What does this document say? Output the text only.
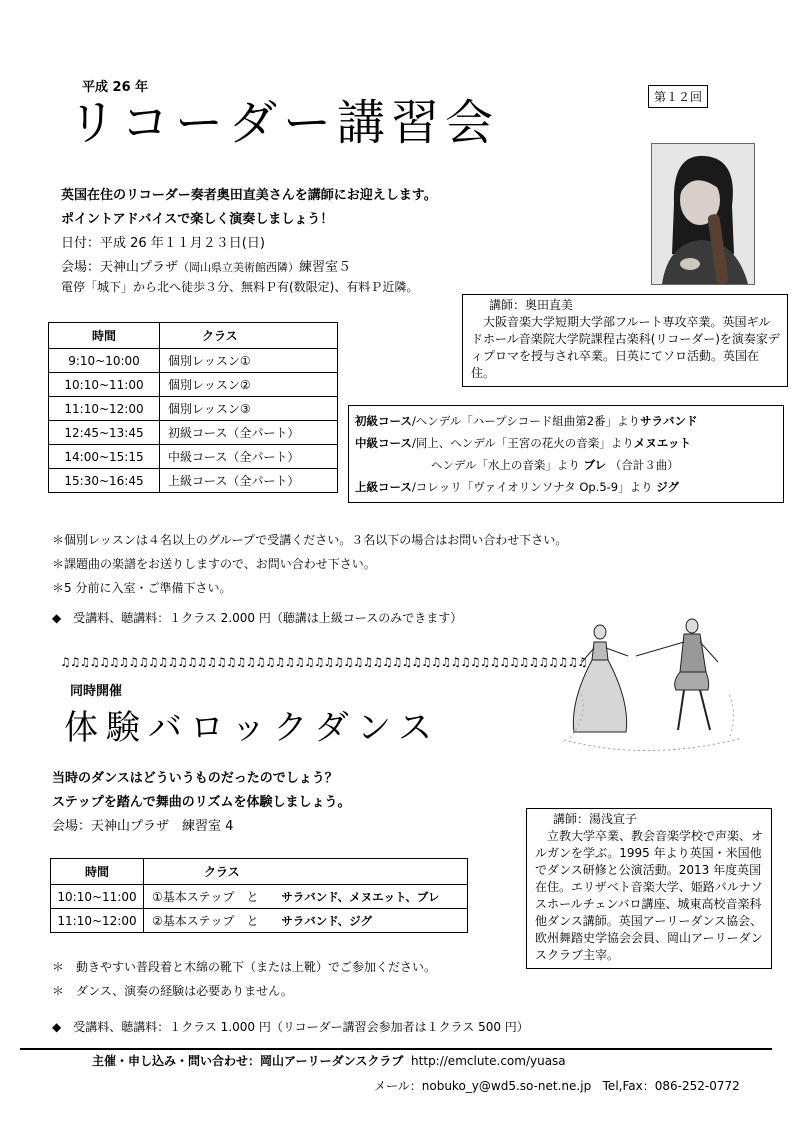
平成 26 年
リコーダー講習会	第１２回
英国在住のリコーダー奏者奥田直美さんを講師にお迎えします。
ポイントアドバイスで楽しく演奏しましょう！
日付：平成 26 年１１月２３日(日)
会場：天神山プラザ（岡山県立美術館西隣）練習室５
電停「城下」から北へ徒歩３分、無料Ｐ有(数限定)、有料Ｐ近隣。
講師：奥田直美
大阪音楽大学短期大学部フルート専攻卒業。英国ギルドホール音楽院大学院課程古楽科(リコーダー)を演奏家ディプロマを授与され卒業。日英にてソロ活動。英国在住。
時間	クラス
9:10~10:00	個別レッスン①
10:10~11:00	個別レッスン②
11:10~12:00	個別レッスン③
12:45~13:45	初級コース（全パート）
14:00~15:15	中級コース（全パート）
15:30~16:45	上級コース（全パート）
初級コース/ヘンデル「ハープシコード組曲第2番」よりサラバンド
中級コース/同上、ヘンデル「王宮の花火の音楽」よりメヌエット
ヘンデル「水上の音楽」より ブレ （合計３曲）
上級コース/コレッリ「ヴァイオリンソナタ Op.5-9」より ジグ
＊個別レッスンは４名以上のグループで受講ください。３名以下の場合はお問い合わせ下さい。
＊課題曲の楽譜をお送りしますので、お問い合わせ下さい。
＊5 分前に入室・ご準備下さい。
◆　受講料、聴講料：１クラス 2.000 円（聴講は上級コースのみできます）
♫♫♫♫♫♫♫♫♫♫♫♫♫♫♫♫♫♫♫♫♫♫♫♫♫♫♫♫♫♫♫♫♫♫♫♫♫♫♫♫♫♫♫♫♫♫♫♫♫♫♫♫♫♫
同時開催
体験バロックダンス
当時のダンスはどういうものだったのでしょう？
ステップを踏んで舞曲のリズムを体験しましょう。
会場：天神山プラザ　練習室 4	講師：湯浅宣子
立教大学卒業、教会音楽学校で声楽、オルガンを学ぶ。1995 年より英国・米国他でダンス研修と公演活動。2013 年度英国在住。エリザベト音楽大学、姫路パルナソスホールチェンバロ講座、城東高校音楽科他ダンス講師。英国アーリーダンス協会、欧州舞踏史学協会会員、岡山アーリーダンスクラブ主宰。
時間	クラス	
10:10~11:00	①基本ステップ　と	サラバンド、メヌエット、ブレ
11:10~12:00	②基本ステップ　と	サラバンド、ジグ
＊　動きやすい普段着と木綿の靴下（または上靴）でご参加ください。
＊　ダンス、演奏の経験は必要ありません。
◆　受講料、聴講料：１クラス 1.000 円（リコーダー講習会参加者は１クラス 500 円）
主催・申し込み・問い合わせ：岡山アーリーダンスクラブ http://emclute.com/yuasa
メール：nobuko_y@wd5.so-net.ne.jp Tel,Fax：086-252-0772
